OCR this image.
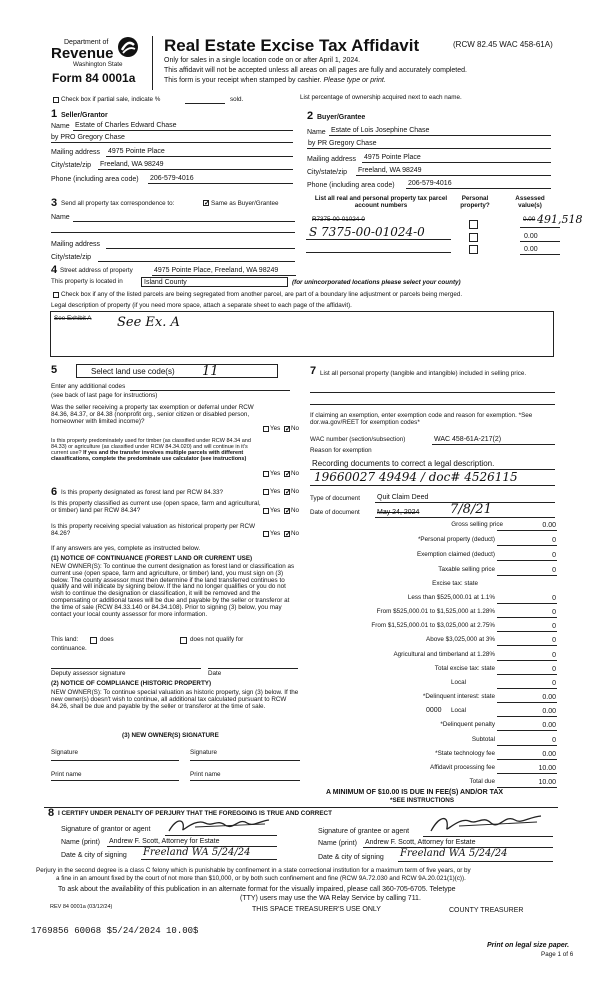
Department of
Revenue
Washington State
Form 84 0001a
Real Estate Excise Tax Affidavit	(RCW 82.45 WAC 458-61A)
Only for sales in a single location code on or after April 1, 2024.
This affidavit will not be accepted unless all areas on all pages are fully and accurately completed.
This form is your receipt when stamped by cashier. Please type or print.
Check box if partial sale, indicate %	sold.	List percentage of ownership acquired next to each name.
1 Seller/Grantor
Name Estate of Charles Edward Chase
by PRO Gregory Chase
Mailing address 4975 Pointe Place
City/state/zip Freeland, WA 98249
Phone (including area code) 206-579-4016
2 Buyer/Grantee
Name Estate of Lois Josephine Chase
by PR Gregory Chase
Mailing address 4975 Pointe Place
City/state/zip Freeland, WA 98249
Phone (including area code) 206-579-4016
3 Send all property tax correspondence to:	✓ Same as Buyer/Grantee
Name
Mailing address
City/state/zip
List all real and personal property tax parcel account numbers
Personal property?
Assessed value(s)
R7375-00-01024-0
S 7375-00-01024-0
0.00 491,518
0.00
0.00
4 Street address of property	4975 Pointe Place, Freeland, WA 98249
This property is located in	Island County	(for unincorporated locations please select your county)
Check box if any of the listed parcels are being segregated from another parcel, are part of a boundary line adjustment or parcels being merged.
Legal description of property (if you need more space, attach a separate sheet to each page of the affidavit).
See Exhibit A See Ex. A
5	Select land use code(s) 11
Enter any additional codes
(see back of last page for instructions)
Was the seller receiving a property tax exemption or deferral under RCW 84.36, 84.37, or 84.38 (nonprofit org., senior citizen or disabled person, homeowner with limited income)?
Yes ✓ No
Is this property predominately used for timber (as classified under RCW 84.34 and 84.33) or agriculture (as classified under RCW 84.34.020) and will continue in it's current use? If yes and the transfer involves multiple parcels with different classifications, complete the predominate use calculator (see instructions)
Yes ✓ No
6 Is this property designated as forest land per RCW 84.33?	Yes ✓ No
Is this property classified as current use (open space, farm and agricultural, or timber) land per RCW 84.34?	Yes ✓ No
Is this property receiving special valuation as historical property per RCW 84.26?	Yes ✓ No
If any answers are yes, complete as instructed below.
(1) NOTICE OF CONTINUANCE (FOREST LAND OR CURRENT USE)
NEW OWNER(S): To continue the current designation as forest land or classification as current use (open space, farm and agriculture, or timber) land, you must sign on (3) below. The county assessor must then determine if the land transferred continues to qualify and will indicate by signing below. If the land no longer qualifies or you do not wish to continue the designation or classification, it will be removed and the compensating or additional taxes will be due and payable by the seller or transferor at the time of sale (RCW 84.33.140 or 84.34.108). Prior to signing (3) below, you may contact your local county assessor for more information.
This land:	does	does not qualify for
continuance.
Deputy assessor signature	Date
(2) NOTICE OF COMPLIANCE (HISTORIC PROPERTY)
NEW OWNER(S): To continue special valuation as historic property, sign (3) below. If the new owner(s) doesn't wish to continue, all additional tax calculated pursuant to RCW 84.26, shall be due and payable by the seller or transferor at the time of sale.
(3) NEW OWNER(S) SIGNATURE
Signature	Signature
Print name	Print name
7 List all personal property (tangible and intangible) included in selling price.
If claiming an exemption, enter exemption code and reason for exemption. *See dor.wa.gov/REET for exemption codes*
WAC number (section/subsection)	WAC 458-61A-217(2)
Reason for exemption
Recording documents to correct a legal description.
19660027 49494 / doc# 4526115
Type of document Quit Claim Deed
Date of document May 24, 2024 7/8/21
Gross selling price	0.00
*Personal property (deduct)	0
Exemption claimed (deduct)	0
Taxable selling price	0
Excise tax: state
Less than $525,000.01 at 1.1%	0
From $525,000.01 to $1,525,000 at 1.28%	0
From $1,525,000.01 to $3,025,000 at 2.75%	0
Above $3,025,000 at 3%	0
Agricultural and timberland at 1.28%	0
Total excise tax: state	0
Local	0
*Delinquent interest: state	0.00
Local	0.00
*Delinquent penalty	0.00
Subtotal	0
*State technology fee	0.00
Affidavit processing fee	10.00
Total due	10.00
0000
A MINIMUM OF $10.00 IS DUE IN FEE(S) AND/OR TAX
*SEE INSTRUCTIONS
8 I CERTIFY UNDER PENALTY OF PERJURY THAT THE FOREGOING IS TRUE AND CORRECT
Signature of grantor or agent
Name (print) Andrew F. Scott, Attorney for Estate
Date & city of signing Freeland WA 5/24/24
Signature of grantee or agent
Name (print) Andrew F. Scott, Attorney for Estate
Date & city of signing Freeland WA 5/24/24
Perjury in the second degree is a class C felony which is punishable by confinement in a state correctional institution for a maximum term of five years, or by
a fine in an amount fixed by the court of not more than $10,000, or by both such confinement and fine (RCW 9A.72.030 and RCW 9A.20.021(1)(c)).
To ask about the availability of this publication in an alternate format for the visually impaired, please call 360-705-6705. Teletype
(TTY) users may use the WA Relay Service by calling 711.
REV 84 0001a (03/12/24)	THIS SPACE TREASURER'S USE ONLY	COUNTY TREASURER
1769856 60068 $5/24/2024 10.00$
Print on legal size paper.
Page 1 of 6
